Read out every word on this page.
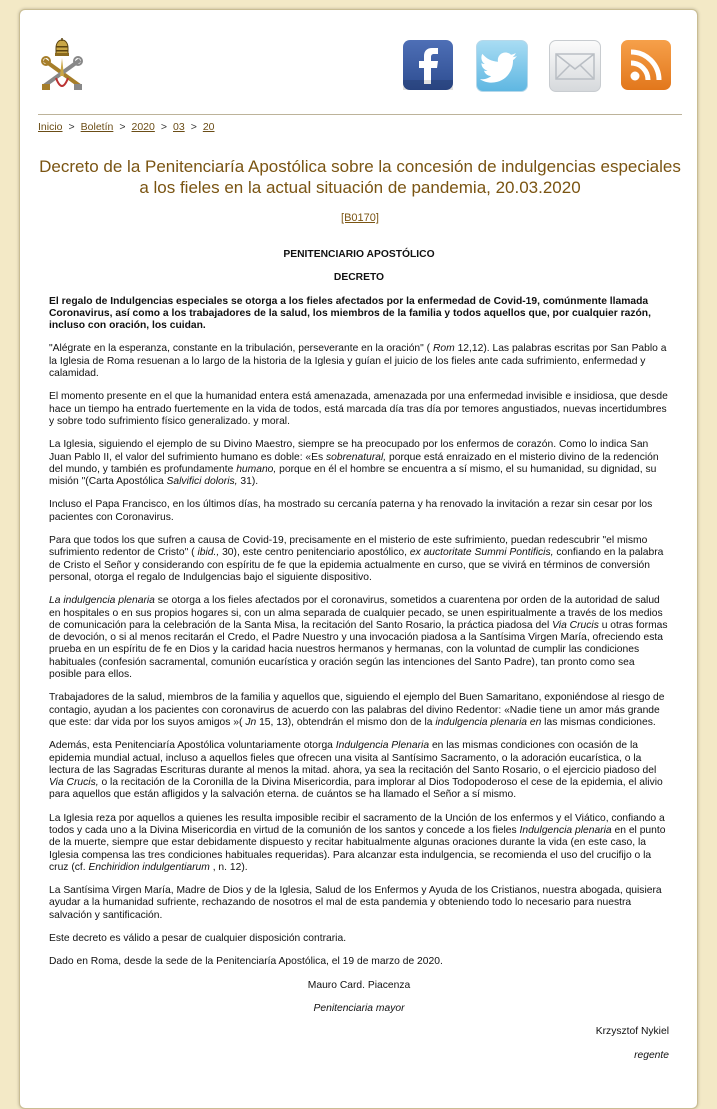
Inicio > Boletín > 2020 > 03 > 20
Decreto de la Penitenciaría Apostólica sobre la concesión de indulgencias especiales a los fieles en la actual situación de pandemia, 20.03.2020
[B0170]

PENITENCIARIO APOSTÓLICO

DECRETO

El regalo de Indulgencias especiales se otorga a los fieles afectados por la enfermedad de Covid-19, comúnmente llamada Coronavirus, así como a los trabajadores de la salud, los miembros de la familia y todos aquellos que, por cualquier razón, incluso con oración, los cuidan.

"Alégrate en la esperanza, constante en la tribulación, perseverante en la oración" ( Rom 12,12). Las palabras escritas por San Pablo a la Iglesia de Roma resuenan a lo largo de la historia de la Iglesia y guían el juicio de los fieles ante cada sufrimiento, enfermedad y calamidad.

El momento presente en el que la humanidad entera está amenazada, amenazada por una enfermedad invisible e insidiosa, que desde hace un tiempo ha entrado fuertemente en la vida de todos, está marcada día tras día por temores angustiados, nuevas incertidumbres y sobre todo sufrimiento físico generalizado. y moral.

La Iglesia, siguiendo el ejemplo de su Divino Maestro, siempre se ha preocupado por los enfermos de corazón. Como lo indica San Juan Pablo II, el valor del sufrimiento humano es doble: «Es sobrenatural, porque está enraizado en el misterio divino de la redención del mundo, y también es profundamente humano, porque en él el hombre se encuentra a sí mismo, el su humanidad, su dignidad, su misión "(Carta Apostólica Salvifici doloris, 31).

Incluso el Papa Francisco, en los últimos días, ha mostrado su cercanía paterna y ha renovado la invitación a rezar sin cesar por los pacientes con Coronavirus.

Para que todos los que sufren a causa de Covid-19, precisamente en el misterio de este sufrimiento, puedan redescubrir "el mismo sufrimiento redentor de Cristo" ( ibid., 30), este centro penitenciario apostólico, ex auctoritate Summi Pontificis, confiando en la palabra de Cristo el Señor y considerando con espíritu de fe que la epidemia actualmente en curso, que se vivirá en términos de conversión personal, otorga el regalo de Indulgencias bajo el siguiente dispositivo.

La indulgencia plenaria se otorga a los fieles afectados por el coronavirus, sometidos a cuarentena por orden de la autoridad de salud en hospitales o en sus propios hogares si, con un alma separada de cualquier pecado, se unen espiritualmente a través de los medios de comunicación para la celebración de la Santa Misa, la recitación del Santo Rosario, la práctica piadosa del Via Crucis u otras formas de devoción, o si al menos recitarán el Credo, el Padre Nuestro y una invocación piadosa a la Santísima Virgen María, ofreciendo esta prueba en un espíritu de fe en Dios y la caridad hacia nuestros hermanos y hermanas, con la voluntad de cumplir las condiciones habituales (confesión sacramental, comunión eucarística y oración según las intenciones del Santo Padre), tan pronto como sea posible para ellos.

Trabajadores de la salud, miembros de la familia y aquellos que, siguiendo el ejemplo del Buen Samaritano, exponiéndose al riesgo de contagio, ayudan a los pacientes con coronavirus de acuerdo con las palabras del divino Redentor: «Nadie tiene un amor más grande que este: dar vida por los suyos amigos »( Jn 15, 13), obtendrán el mismo don de la indulgencia plenaria en las mismas condiciones.

Además, esta Penitenciaría Apostólica voluntariamente otorga Indulgencia Plenaria en las mismas condiciones con ocasión de la epidemia mundial actual, incluso a aquellos fieles que ofrecen una visita al Santísimo Sacramento, o la adoración eucarística, o la lectura de las Sagradas Escrituras durante al menos la mitad. ahora, ya sea la recitación del Santo Rosario, o el ejercicio piadoso del Via Crucis, o la recitación de la Coronilla de la Divina Misericordia, para implorar al Dios Todopoderoso el cese de la epidemia, el alivio para aquellos que están afligidos y la salvación eterna. de cuántos se ha llamado el Señor a sí mismo.

La Iglesia reza por aquellos a quienes les resulta imposible recibir el sacramento de la Unción de los enfermos y el Viático, confiando a todos y cada uno a la Divina Misericordia en virtud de la comunión de los santos y concede a los fieles Indulgencia plenaria en el punto de la muerte, siempre que estar debidamente dispuesto y recitar habitualmente algunas oraciones durante la vida (en este caso, la Iglesia compensa las tres condiciones habituales requeridas). Para alcanzar esta indulgencia, se recomienda el uso del crucifijo o la cruz (cf. Enchiridion indulgentiarum , n. 12).

La Santísima Virgen María, Madre de Dios y de la Iglesia, Salud de los Enfermos y Ayuda de los Cristianos, nuestra abogada, quisiera ayudar a la humanidad sufriente, rechazando de nosotros el mal de esta pandemia y obteniendo todo lo necesario para nuestra salvación y santificación.

Este decreto es válido a pesar de cualquier disposición contraria.

Dado en Roma, desde la sede de la Penitenciaría Apostólica, el 19 de marzo de 2020.

Mauro Card. Piacenza

Penitenciaria mayor

Krzysztof Nykiel

regente
